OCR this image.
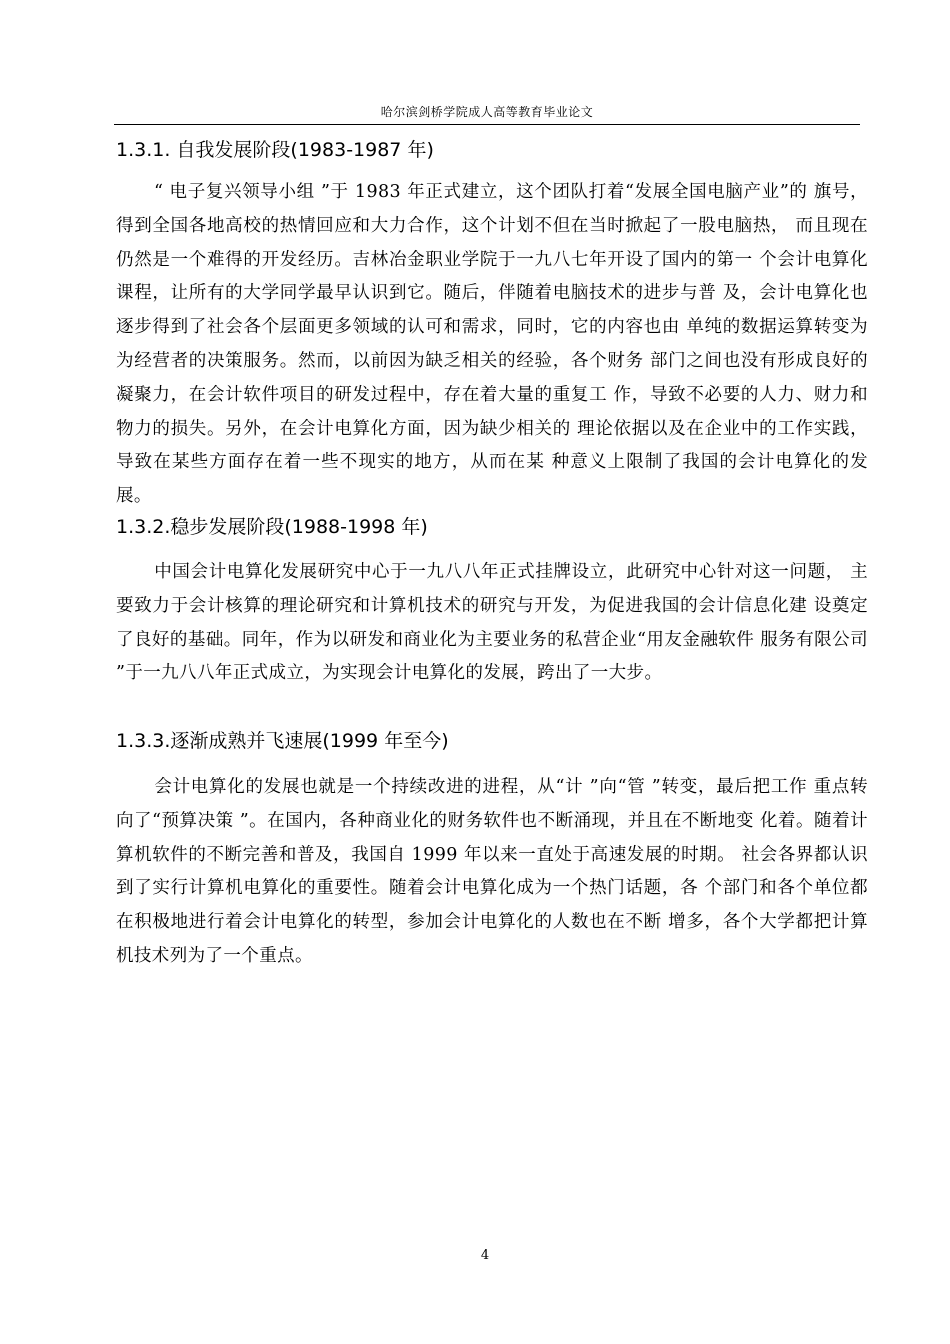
哈尔滨剑桥学院成人高等教育毕业论文
1.3.1. 自我发展阶段(1983-1987 年)
“ 电子复兴领导小组 ”于 1983 年正式建立，这个团队打着“发展全国电脑产业”的 旗号，得到全国各地高校的热情回应和大力合作，这个计划不但在当时掀起了一股电脑热， 而且现在仍然是一个难得的开发经历。吉林冶金职业学院于一九八七年开设了国内的第一 个会计电算化课程，让所有的大学同学最早认识到它。随后，伴随着电脑技术的进步与普 及，会计电算化也逐步得到了社会各个层面更多领域的认可和需求，同时，它的内容也由 单纯的数据运算转变为为经营者的决策服务。然而，以前因为缺乏相关的经验，各个财务 部门之间也没有形成良好的凝聚力，在会计软件项目的研发过程中，存在着大量的重复工 作，导致不必要的人力、财力和物力的损失。另外，在会计电算化方面，因为缺少相关的 理论依据以及在企业中的工作实践，导致在某些方面存在着一些不现实的地方，从而在某 种意义上限制了我国的会计电算化的发展。
1.3.2.稳步发展阶段(1988-1998 年)
中国会计电算化发展研究中心于一九八八年正式挂牌设立，此研究中心针对这一问题， 主要致力于会计核算的理论研究和计算机技术的研究与开发，为促进我国的会计信息化建 设奠定了良好的基础。同年，作为以研发和商业化为主要业务的私营企业“用友金融软件 服务有限公司 ”于一九八八年正式成立，为实现会计电算化的发展，跨出了一大步。
1.3.3.逐渐成熟并飞速展(1999 年至今)
会计电算化的发展也就是一个持续改进的进程，从“计 ”向“管 ”转变，最后把工作 重点转向了“预算决策 ”。在国内，各种商业化的财务软件也不断涌现，并且在不断地变 化着。随着计算机软件的不断完善和普及，我国自 1999 年以来一直处于高速发展的时期。 社会各界都认识到了实行计算机电算化的重要性。随着会计电算化成为一个热门话题，各 个部门和各个单位都在积极地进行着会计电算化的转型，参加会计电算化的人数也在不断 增多，各个大学都把计算机技术列为了一个重点。
4
